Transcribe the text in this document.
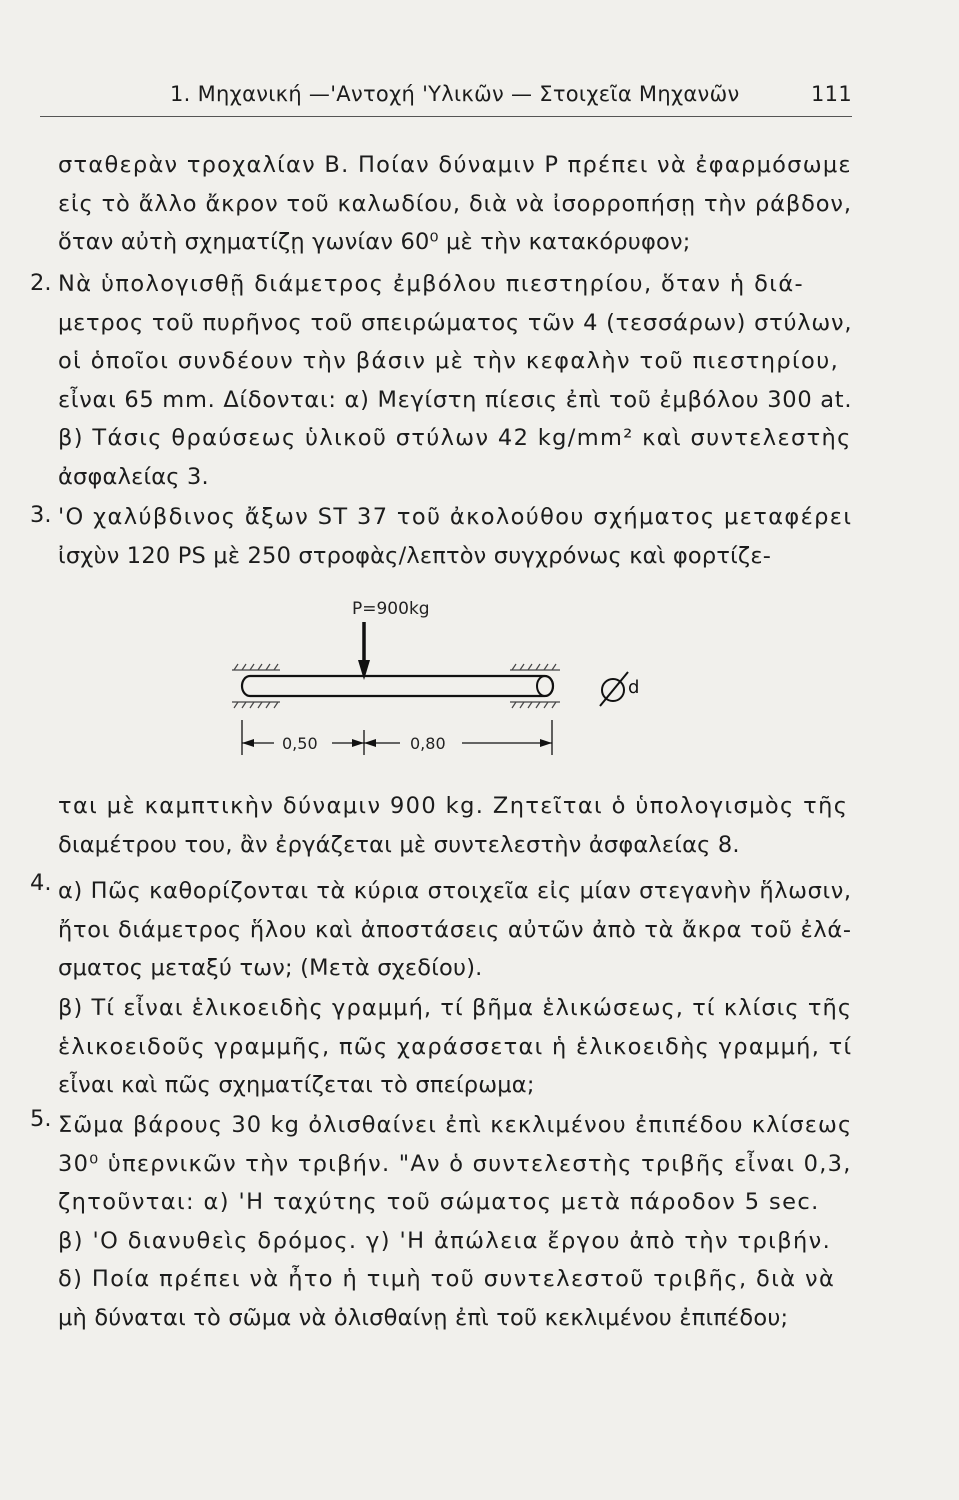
1. Μηχανική —'Αντοχή 'Υλικῶν — Στοιχεῖα Μηχανῶν	111
σταθερὰν τροχαλίαν Β. Ποίαν δύναμιν P πρέπει νὰ ἐφαρμόσωμε
εἰς τὸ ἄλλο ἄκρον τοῦ καλωδίου, διὰ νὰ ἰσορροπήσῃ τὴν ράβδον,
ὅταν αὐτὴ σχηματίζῃ γωνίαν 60⁰ μὲ τὴν κατακόρυφον;
2. Νὰ ὑπολογισθῇ διάμετρος ἐμβόλου πιεστηρίου, ὅταν ἡ διά-
μετρος τοῦ πυρῆνος τοῦ σπειρώματος τῶν 4 (τεσσάρων) στύλων,
οἱ ὁποῖοι συνδέουν τὴν βάσιν μὲ τὴν κεφαλὴν τοῦ πιεστηρίου,
εἶναι 65 mm. Δίδονται: α) Μεγίστη πίεσις ἐπὶ τοῦ ἐμβόλου 300 at.
β) Τάσις θραύσεως ὑλικοῦ στύλων 42 kg/mm² καὶ συντελεστὴς
ἀσφαλείας 3.
3. 'Ο χαλύβδινος ἄξων ST 37 τοῦ ἀκολούθου σχήματος μεταφέρει
ἰσχὺν 120 PS μὲ 250 στροφὰς/λεπτὸν συγχρόνως καὶ φορτίζε-
P=900kg
d
0,50	0,80
ται μὲ καμπτικὴν δύναμιν 900 kg. Ζητεῖται ὁ ὑπολογισμὸς τῆς
διαμέτρου του, ἂν ἐργάζεται μὲ συντελεστὴν ἀσφαλείας 8.
4. α) Πῶς καθορίζονται τὰ κύρια στοιχεῖα εἰς μίαν στεγανὴν ἥλωσιν,
ἤτοι διάμετρος ἥλου καὶ ἀποστάσεις αὐτῶν ἀπὸ τὰ ἄκρα τοῦ ἐλά-
σματος μεταξύ των; (Μετὰ σχεδίου).
β) Τί εἶναι ἑλικοειδὴς γραμμή, τί βῆμα ἑλικώσεως, τί κλίσις τῆς
ἑλικοειδοῦς γραμμῆς, πῶς χαράσσεται ἡ ἑλικοειδὴς γραμμή, τί
εἶναι καὶ πῶς σχηματίζεται τὸ σπείρωμα;
5. Σῶμα βάρους 30 kg ὀλισθαίνει ἐπὶ κεκλιμένου ἐπιπέδου κλίσεως
30⁰ ὑπερνικῶν τὴν τριβήν. "Αν ὁ συντελεστὴς τριβῆς εἶναι 0,3,
ζητοῦνται: α) 'Η ταχύτης τοῦ σώματος μετὰ πάροδον 5 sec.
β) 'Ο διανυθεὶς δρόμος. γ) 'Η ἀπώλεια ἔργου ἀπὸ τὴν τριβήν.
δ) Ποία πρέπει νὰ ἦτο ἡ τιμὴ τοῦ συντελεστοῦ τριβῆς, διὰ νὰ
μὴ δύναται τὸ σῶμα νὰ ὀλισθαίνῃ ἐπὶ τοῦ κεκλιμένου ἐπιπέδου;
